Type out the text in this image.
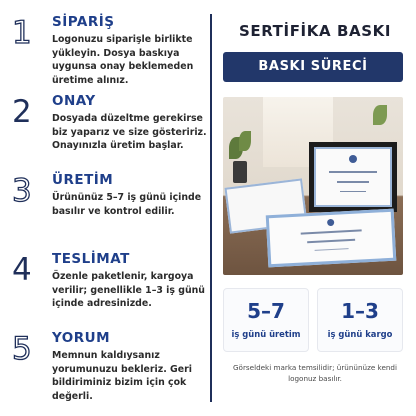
1	SİPARİŞ
Logonuzu siparişle birlikte yükleyin. Dosya baskıya uygunsa onay beklemeden üretime alınız.
2	ONAY
Dosyada düzeltme gerekirse biz yaparız ve size gösteririz. Onayınızla üretim başlar.
3	ÜRETİM
Ürününüz 5–7 iş günü içinde basılır ve kontrol edilir.
4	TESLİMAT
Özenle paketlenir, kargoya verilir; genellikle 1–3 iş günü içinde adresinizde.
5	YORUM
Memnun kaldıysanız yorumunuzu bekleriz. Geri bildiriminiz bizim için çok değerli.
SERTİFİKA BASKI
BASKI SÜRECİ
5–7
iş günü üretim
1–3
iş günü kargo
Görseldeki marka temsilidir; ürününüze kendi logonuz basılır.
